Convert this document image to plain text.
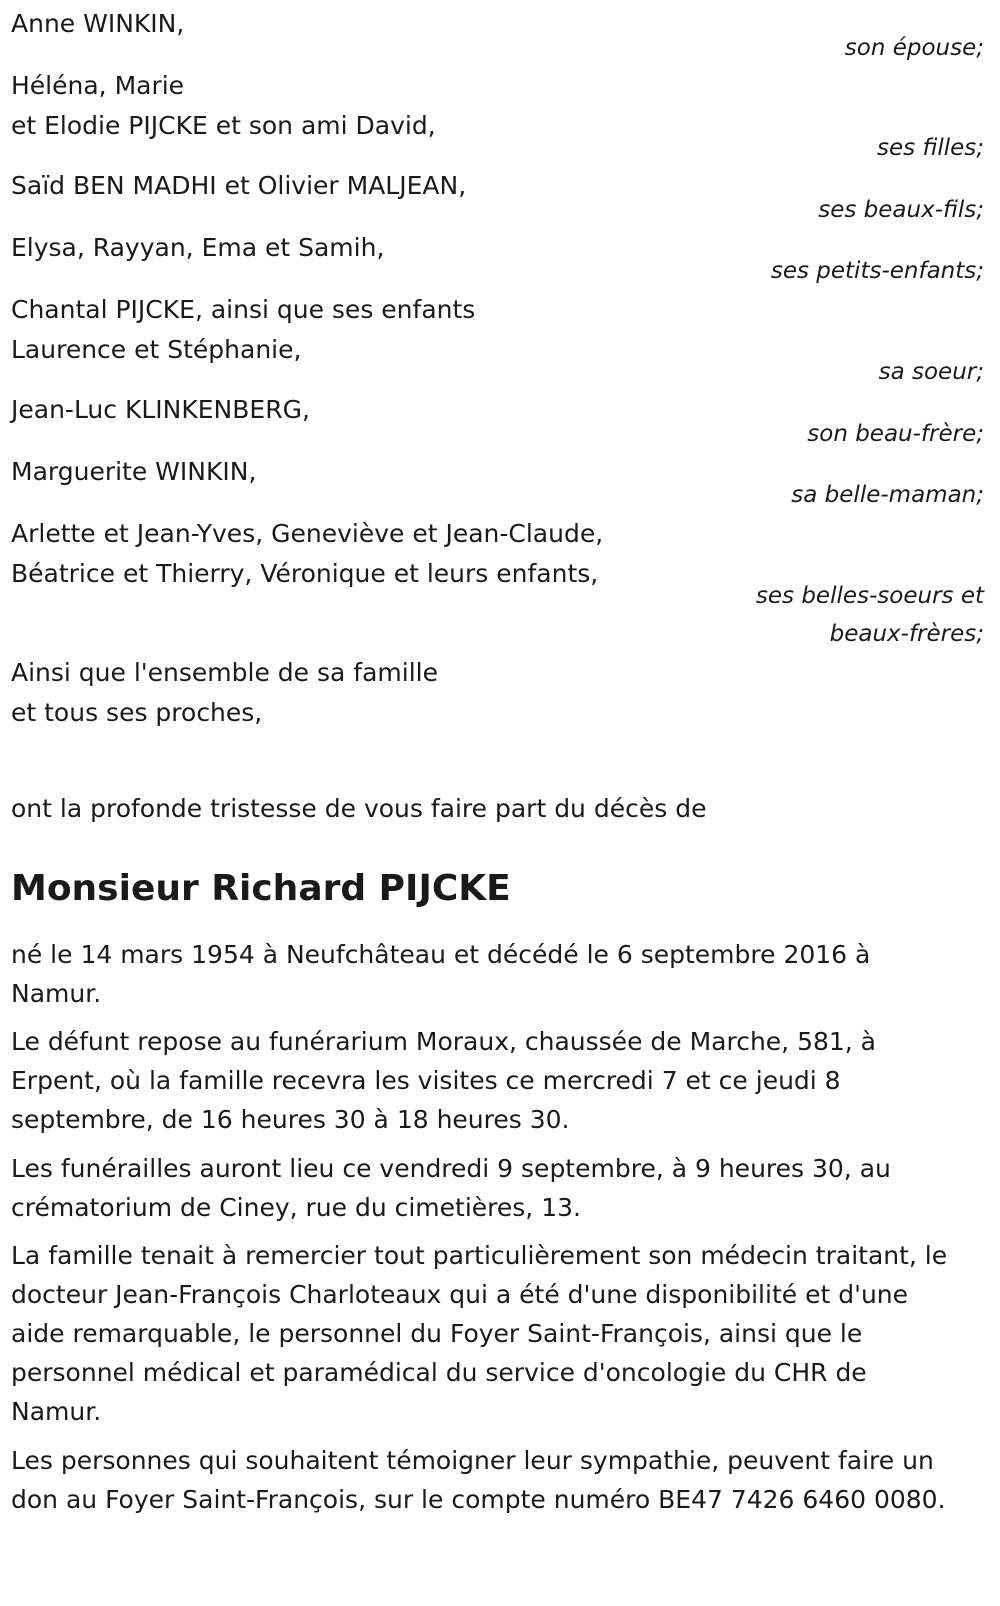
Anne WINKIN,
son épouse;
Héléna, Marie
et Elodie PIJCKE et son ami David,
ses filles;
Saïd BEN MADHI et Olivier MALJEAN,
ses beaux-fils;
Elysa, Rayyan, Ema et Samih,
ses petits-enfants;
Chantal PIJCKE, ainsi que ses enfants
Laurence et Stéphanie,
sa soeur;
Jean-Luc KLINKENBERG,
son beau-frère;
Marguerite WINKIN,
sa belle-maman;
Arlette et Jean-Yves, Geneviève et Jean-Claude,
Béatrice et Thierry, Véronique et leurs enfants,
ses belles-soeurs et
beaux-frères;
Ainsi que l'ensemble de sa famille
et tous ses proches,
ont la profonde tristesse de vous faire part du décès de
Monsieur Richard PIJCKE
né le 14 mars 1954 à Neufchâteau et décédé le 6 septembre 2016 à Namur.
Le défunt repose au funérarium Moraux, chaussée de Marche, 581, à Erpent, où la famille recevra les visites ce mercredi 7 et ce jeudi 8 septembre, de 16 heures 30 à 18 heures 30.
Les funérailles auront lieu ce vendredi 9 septembre, à 9 heures 30, au crématorium de Ciney, rue du cimetières, 13.
La famille tenait à remercier tout particulièrement son médecin traitant, le docteur Jean-François Charloteaux qui a été d'une disponibilité et d'une aide remarquable, le personnel du Foyer Saint-François, ainsi que le personnel médical et paramédical du service d'oncologie du CHR de Namur.
Les personnes qui souhaitent témoigner leur sympathie, peuvent faire un don au Foyer Saint-François, sur le compte numéro BE47 7426 6460 0080.
